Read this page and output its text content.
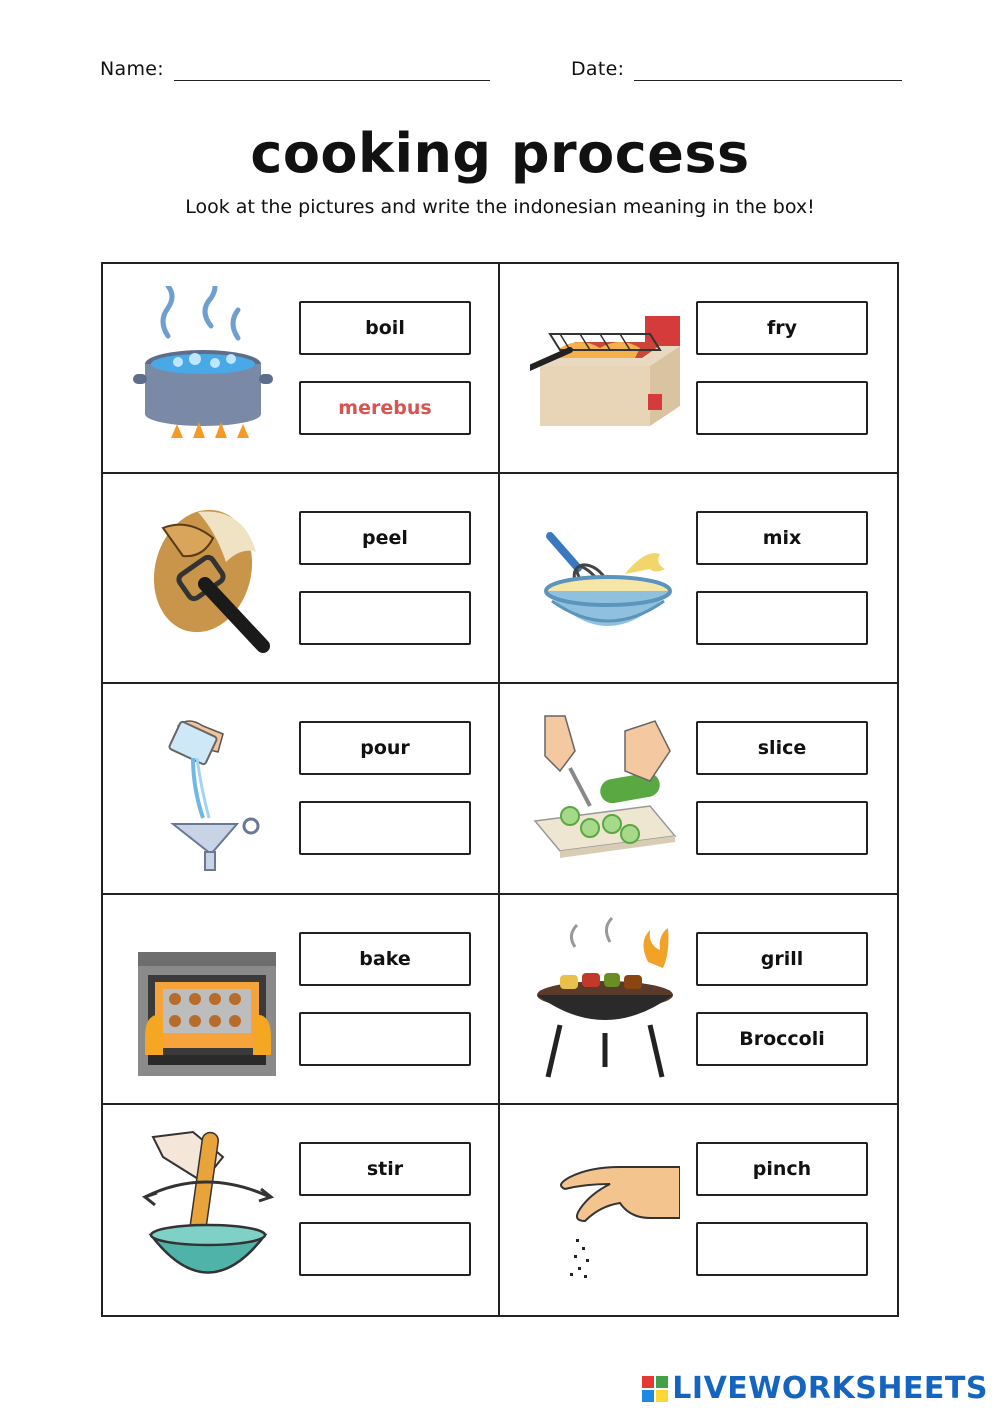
Name:	Date:
cooking process
Look at the pictures and write the indonesian meaning in the box!
boil
merebus
fry
peel	mix
pour	slice
bake	grill
Broccoli
stir	pinch
LIVEWORKSHEETS
